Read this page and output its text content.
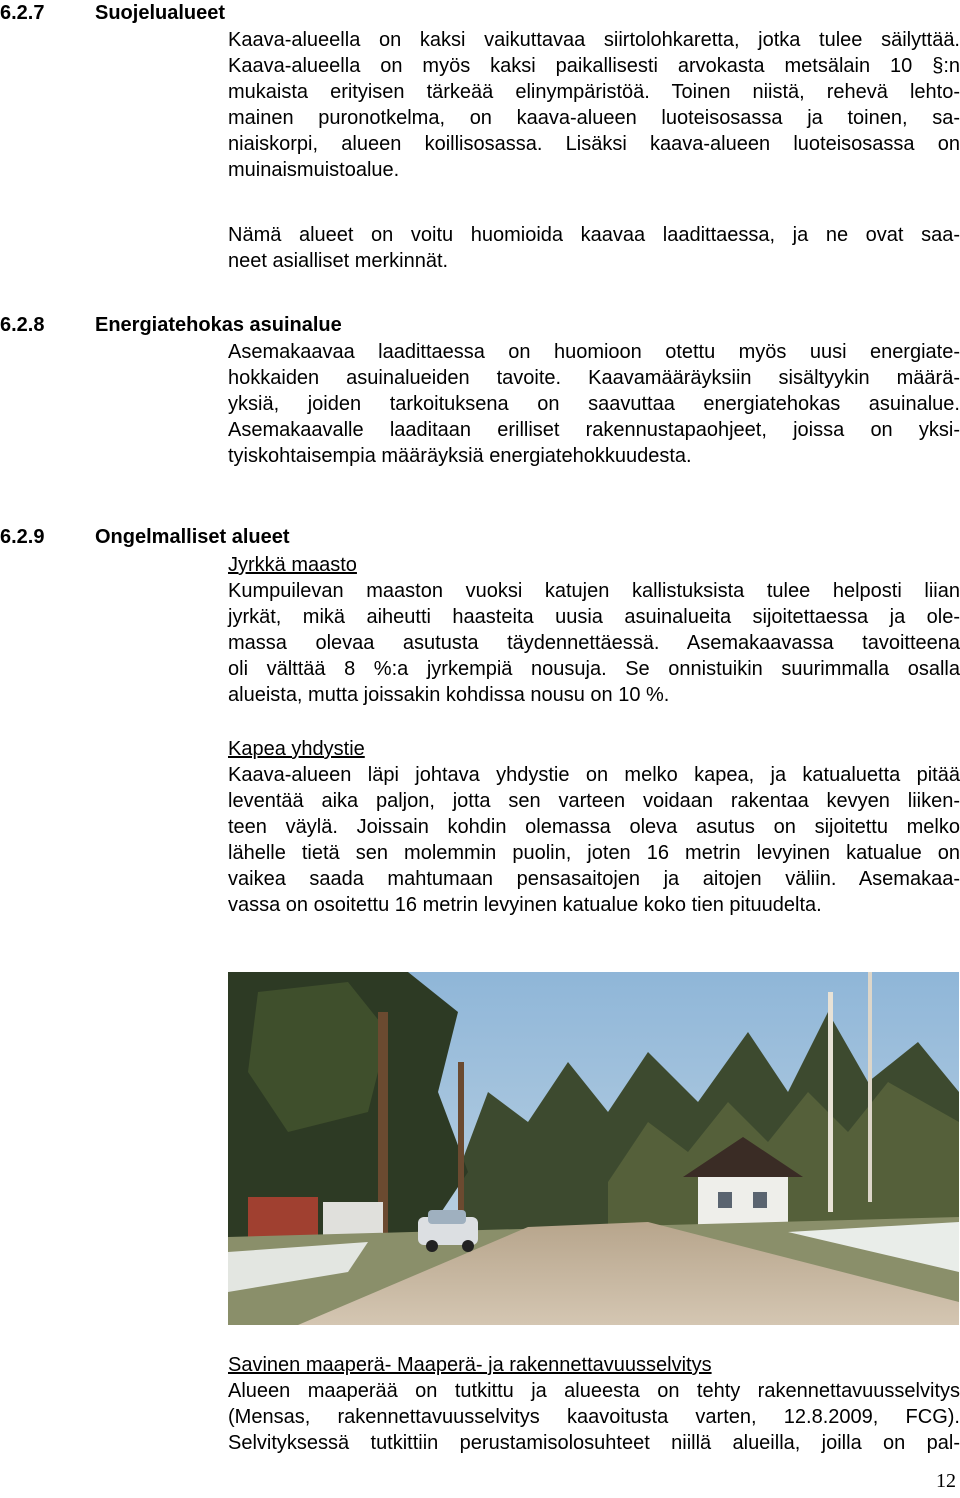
6.2.7	Suojelualueet
Kaava-alueella on kaksi vaikuttavaa siirtolohkaretta, jotka tulee säilyttää.
Kaava-alueella on myös kaksi paikallisesti arvokasta metsälain 10 §:n
mukaista erityisen tärkeää elinympäristöä. Toinen niistä, rehevä lehto-
mainen puronotkelma, on kaava-alueen luoteisosassa ja toinen, sa-
niaiskorpi, alueen koillisosassa. Lisäksi kaava-alueen luoteisosassa on
muinaismuistoalue.
Nämä alueet on voitu huomioida kaavaa laadittaessa, ja ne ovat saa-
neet asialliset merkinnät.
6.2.8	Energiatehokas asuinalue
Asemakaavaa laadittaessa on huomioon otettu myös uusi energiate-
hokkaiden asuinalueiden tavoite. Kaavamääräyksiin sisältyykin määrä-
yksiä, joiden tarkoituksena on saavuttaa energiatehokas asuinalue.
Asemakaavalle laaditaan erilliset rakennustapaohjeet, joissa on yksi-
tyiskohtaisempia määräyksiä energiatehokkuudesta.
6.2.9	Ongelmalliset alueet
Jyrkkä maasto
Kumpuilevan maaston vuoksi katujen kallistuksista tulee helposti liian
jyrkät, mikä aiheutti haasteita uusia asuinalueita sijoitettaessa ja ole-
massa olevaa asutusta täydennettäessä. Asemakaavassa tavoitteena
oli välttää 8 %:a jyrkempiä nousuja. Se onnistuikin suurimmalla osalla
alueista, mutta joissakin kohdissa nousu on 10 %.
Kapea yhdystie
Kaava-alueen läpi johtava yhdystie on melko kapea, ja katualuetta pitää
leventää aika paljon, jotta sen varteen voidaan rakentaa kevyen liiken-
teen väylä. Joissain kohdin olemassa oleva asutus on sijoitettu melko
lähelle tietä sen molemmin puolin, joten 16 metrin levyinen katualue on
vaikea saada mahtumaan pensasaitojen ja aitojen väliin. Asemakaa-
vassa on osoitettu 16 metrin levyinen katualue koko tien pituudelta.
Savinen maaperä- Maaperä- ja rakennettavuusselvitys
Alueen maaperää on tutkittu ja alueesta on tehty rakennettavuusselvitys
(Mensas, rakennettavuusselvitys kaavoitusta varten, 12.8.2009, FCG).
Selvityksessä tutkittiin perustamisolosuhteet niillä alueilla, joilla on pal-
12
